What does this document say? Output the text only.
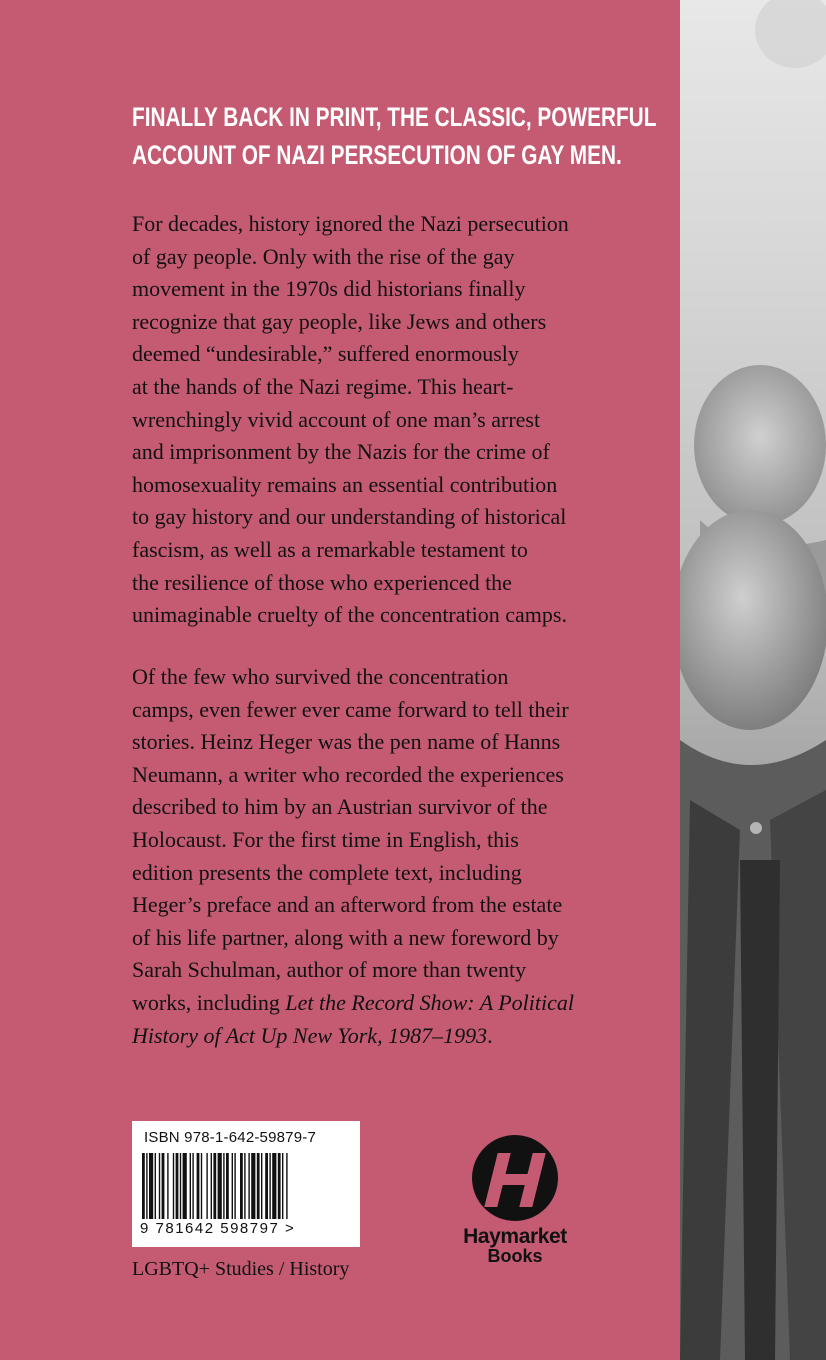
FINALLY BACK IN PRINT, THE CLASSIC, POWERFUL
ACCOUNT OF NAZI PERSECUTION OF GAY MEN.
For decades, history ignored the Nazi persecution
of gay people. Only with the rise of the gay
movement in the 1970s did historians finally
recognize that gay people, like Jews and others
deemed “undesirable,” suffered enormously
at the hands of the Nazi regime. This heart-
wrenchingly vivid account of one man’s arrest
and imprisonment by the Nazis for the crime of
homosexuality remains an essential contribution
to gay history and our understanding of historical
fascism, as well as a remarkable testament to
the resilience of those who experienced the
unimaginable cruelty of the concentration camps.
Of the few who survived the concentration
camps, even fewer ever came forward to tell their
stories. Heinz Heger was the pen name of Hanns
Neumann, a writer who recorded the experiences
described to him by an Austrian survivor of the
Holocaust. For the first time in English, this
edition presents the complete text, including
Heger’s preface and an afterword from the estate
of his life partner, along with a new foreword by
Sarah Schulman, author of more than twenty
works, including Let the Record Show: A Political
History of Act Up New York, 1987–1993.
ISBN 978-1-642-59879-7
9 781642 598797 >
LGBTQ+ Studies / History
Haymarket
Books
